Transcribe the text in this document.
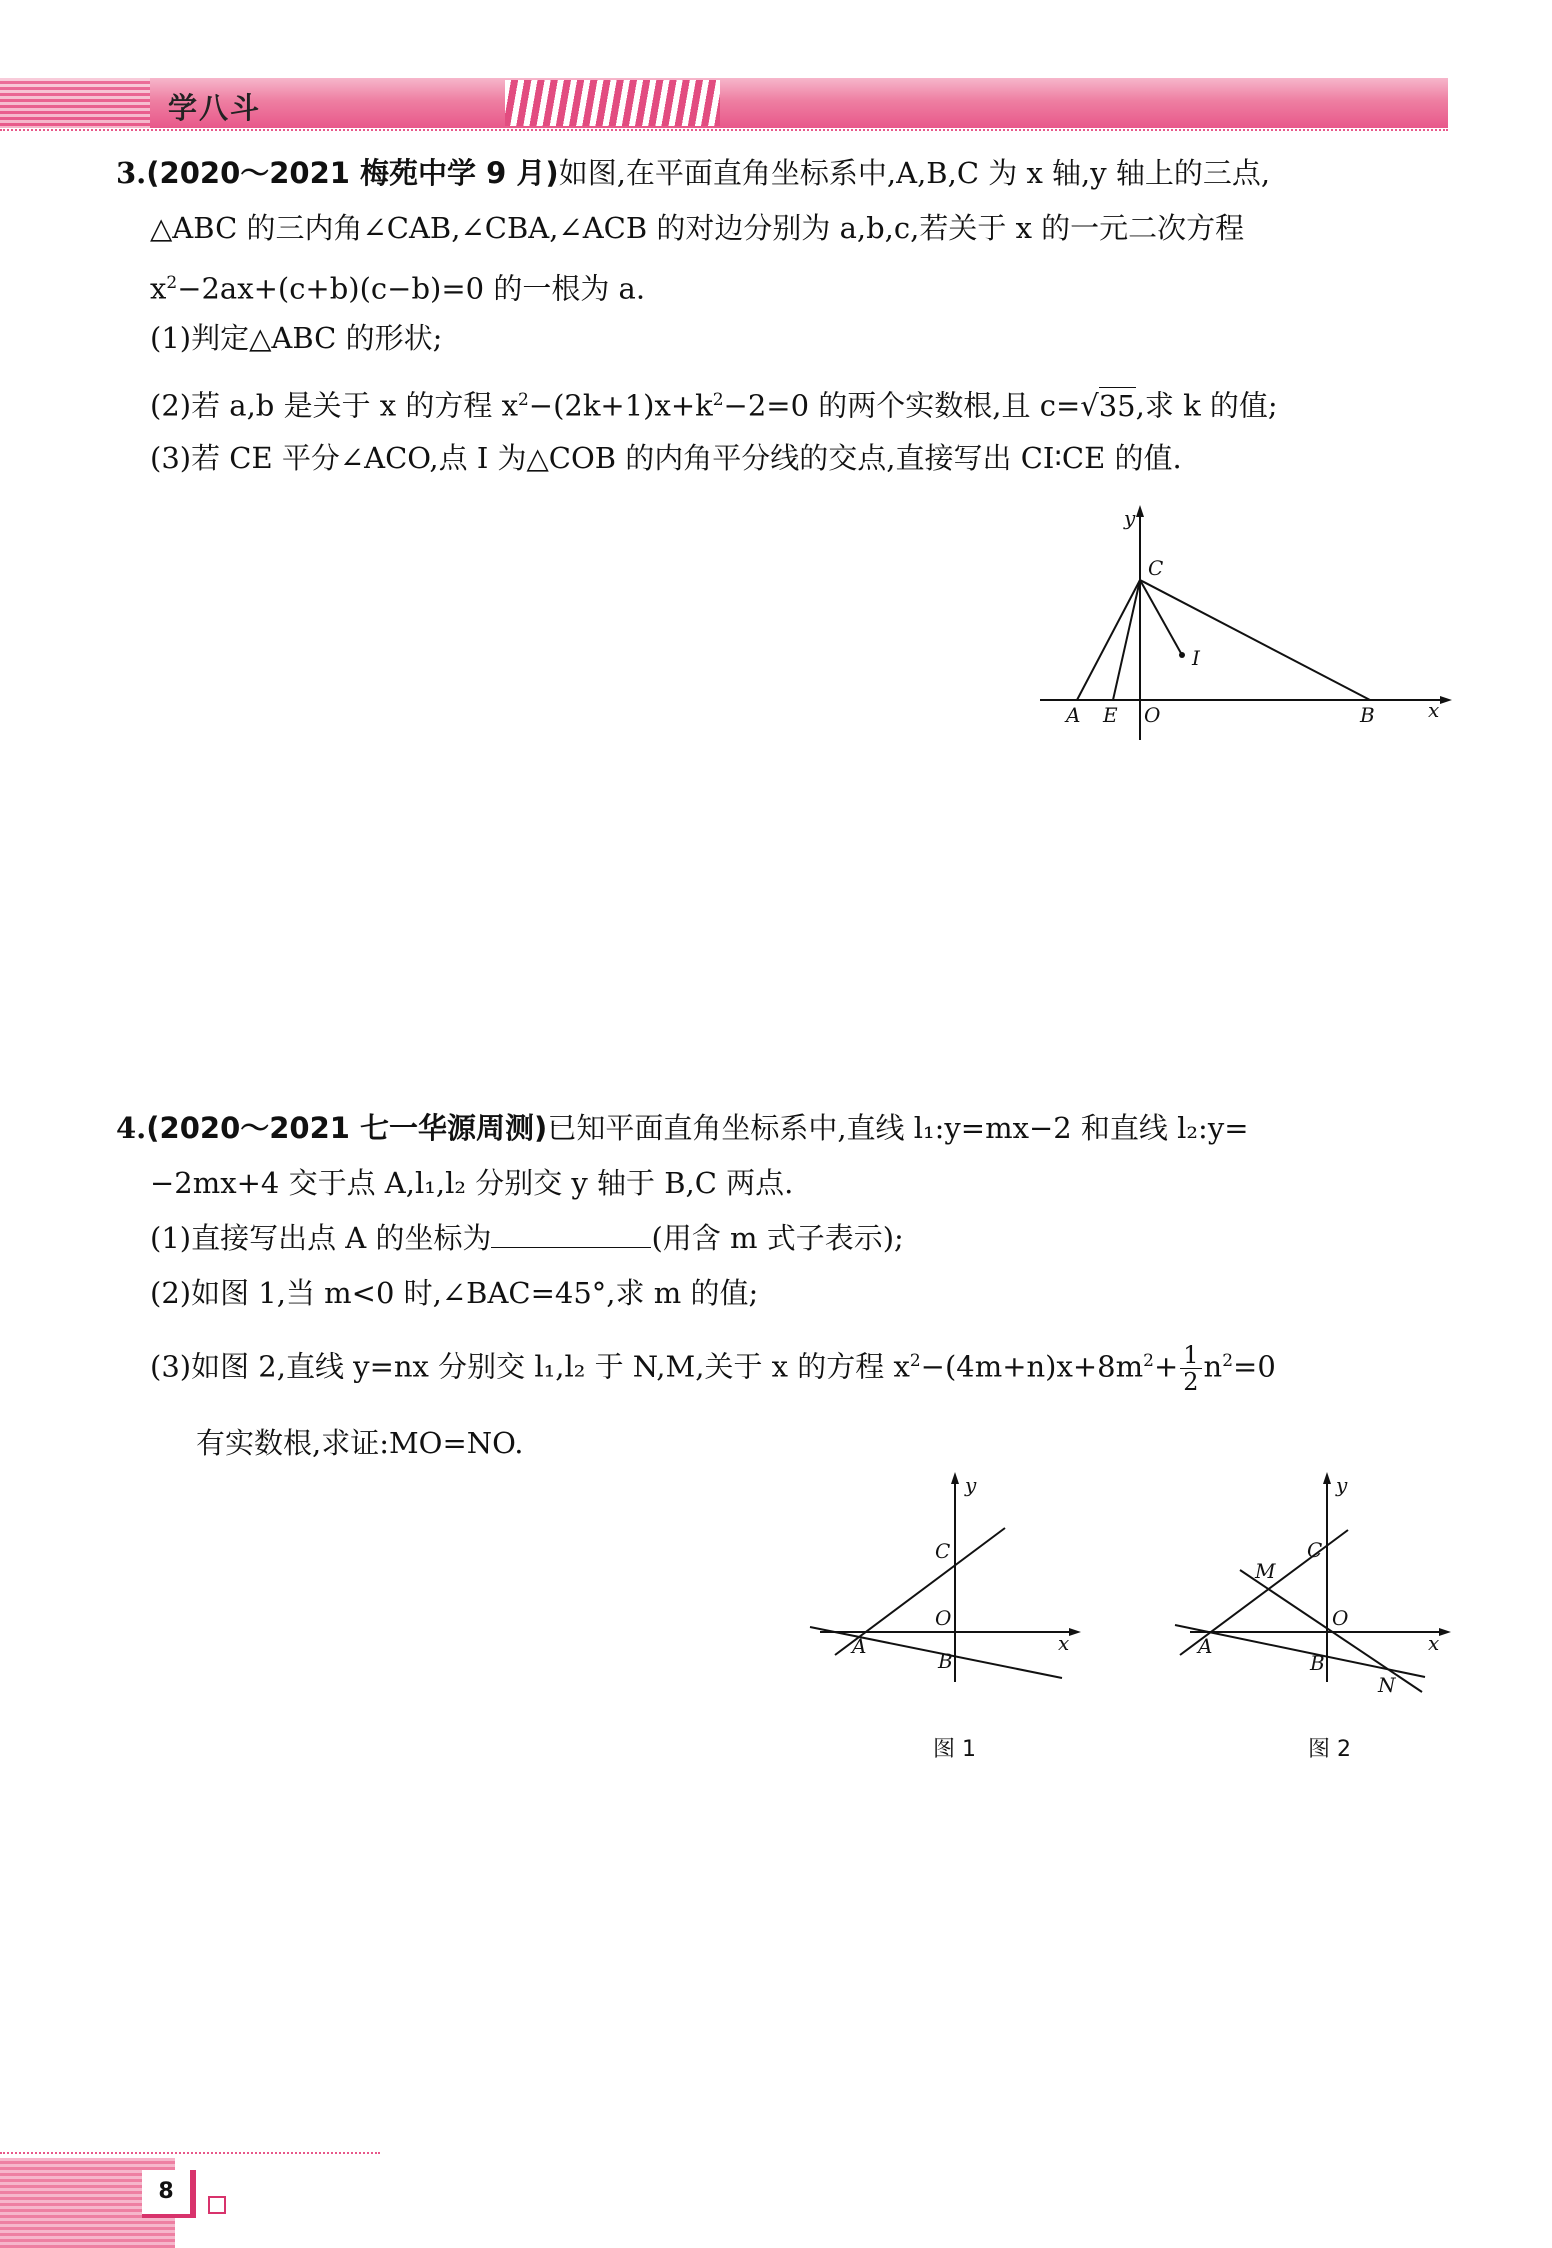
学八斗
3.(2020～2021 梅苑中学 9 月)如图,在平面直角坐标系中,A,B,C 为 x 轴,y 轴上的三点,
△ABC 的三内角∠CAB,∠CBA,∠ACB 的对边分别为 a,b,c,若关于 x 的一元二次方程
$x^2-2ax+(c+b)(c-b)=0$ 的一根为 a.
(1)判定△ABC 的形状;
(2)若 a,b 是关于 x 的方程 $x^2-(2k+1)x+k^2-2=0$ 的两个实数根,且 c=√35,求 k 的值;
(3)若 CE 平分∠ACO,点 I 为△COB 的内角平分线的交点,直接写出 CI∶CE 的值.
y
C
I
A E O	B	x
4.(2020～2021 七一华源周测)已知平面直角坐标系中,直线 l₁:y=mx−2 和直线 l₂:y=
−2mx+4 交于点 A,l₁,l₂ 分别交 y 轴于 B,C 两点.
(1)直接写出点 A 的坐标为	(用含 m 式子表示);
(2)如图 1,当 m<0 时,∠BAC=45°,求 m 的值;
(3)如图 2,直线 y=nx 分别交 l₁,l₂ 于 N,M,关于 x 的方程 $x^2-(4m+n)x+8m^2+ \frac{1}{2} n^2=0$
有实数根,求证:MO=NO.
y
C
O
A
B
x
图 1
y
C
M
O
A
B
N
x
图 2
8
